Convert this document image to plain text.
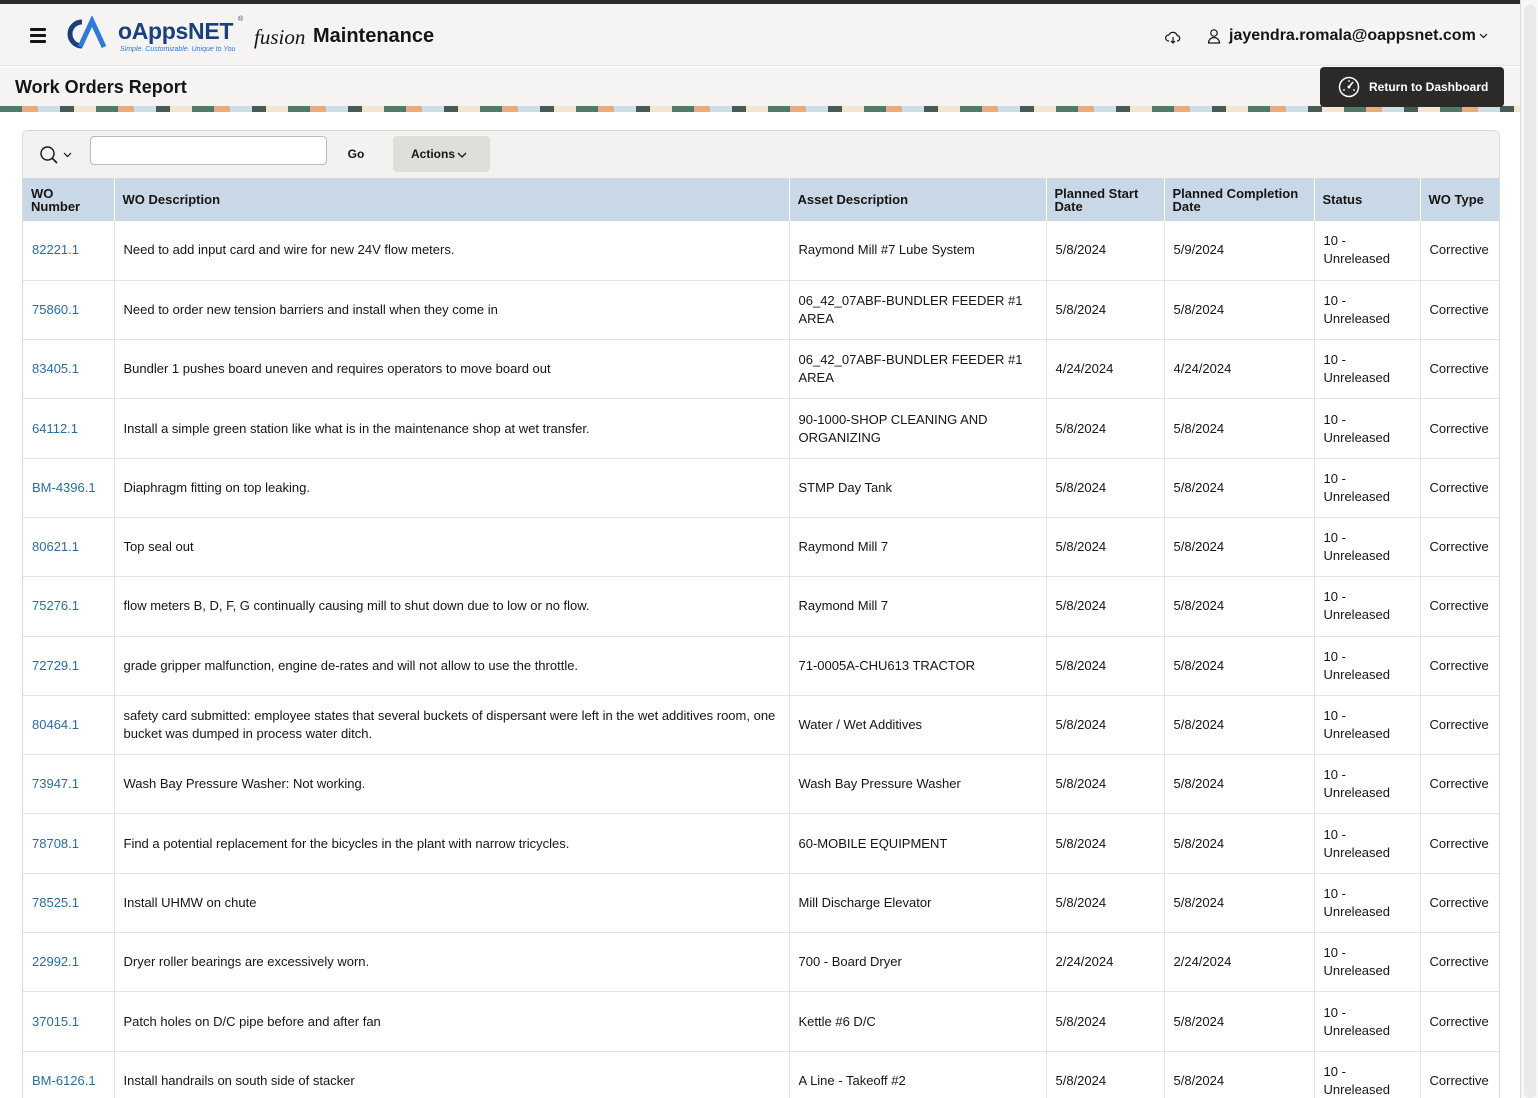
oAppsNET ®
Simple. Customizable. Unique to You
fusion Maintenance	jayendra.romala@oappsnet.com
Work Orders Report	Return to Dashboard
Go	Actions
WO Number	WO Description	Asset Description	Planned Start Date	Planned Completion Date	Status	WO Type
82221.1	Need to add input card and wire for new 24V flow meters.	Raymond Mill #7 Lube System	5/8/2024	5/9/2024	10 - Unreleased	Corrective
75860.1	Need to order new tension barriers and install when they come in	06_42_07ABF-BUNDLER FEEDER #1 AREA	5/8/2024	5/8/2024	10 - Unreleased	Corrective
83405.1	Bundler 1 pushes board uneven and requires operators to move board out	06_42_07ABF-BUNDLER FEEDER #1 AREA	4/24/2024	4/24/2024	10 - Unreleased	Corrective
64112.1	Install a simple green station like what is in the maintenance shop at wet transfer.	90-1000-SHOP CLEANING AND ORGANIZING	5/8/2024	5/8/2024	10 - Unreleased	Corrective
BM-4396.1	Diaphragm fitting on top leaking.	STMP Day Tank	5/8/2024	5/8/2024	10 - Unreleased	Corrective
80621.1	Top seal out	Raymond Mill 7	5/8/2024	5/8/2024	10 - Unreleased	Corrective
75276.1	flow meters B, D, F, G continually causing mill to shut down due to low or no flow.	Raymond Mill 7	5/8/2024	5/8/2024	10 - Unreleased	Corrective
72729.1	grade gripper malfunction, engine de-rates and will not allow to use the throttle.	71-0005A-CHU613 TRACTOR	5/8/2024	5/8/2024	10 - Unreleased	Corrective
80464.1	safety card submitted: employee states that several buckets of dispersant were left in the wet additives room, one bucket was dumped in process water ditch.	Water / Wet Additives	5/8/2024	5/8/2024	10 - Unreleased	Corrective
73947.1	Wash Bay Pressure Washer: Not working.	Wash Bay Pressure Washer	5/8/2024	5/8/2024	10 - Unreleased	Corrective
78708.1	Find a potential replacement for the bicycles in the plant with narrow tricycles.	60-MOBILE EQUIPMENT	5/8/2024	5/8/2024	10 - Unreleased	Corrective
78525.1	Install UHMW on chute	Mill Discharge Elevator	5/8/2024	5/8/2024	10 - Unreleased	Corrective
22992.1	Dryer roller bearings are excessively worn.	700 - Board Dryer	2/24/2024	2/24/2024	10 - Unreleased	Corrective
37015.1	Patch holes on D/C pipe before and after fan	Kettle #6 D/C	5/8/2024	5/8/2024	10 - Unreleased	Corrective
BM-6126.1	Install handrails on south side of stacker	A Line - Takeoff #2	5/8/2024	5/8/2024	10 - Unreleased	Corrective
